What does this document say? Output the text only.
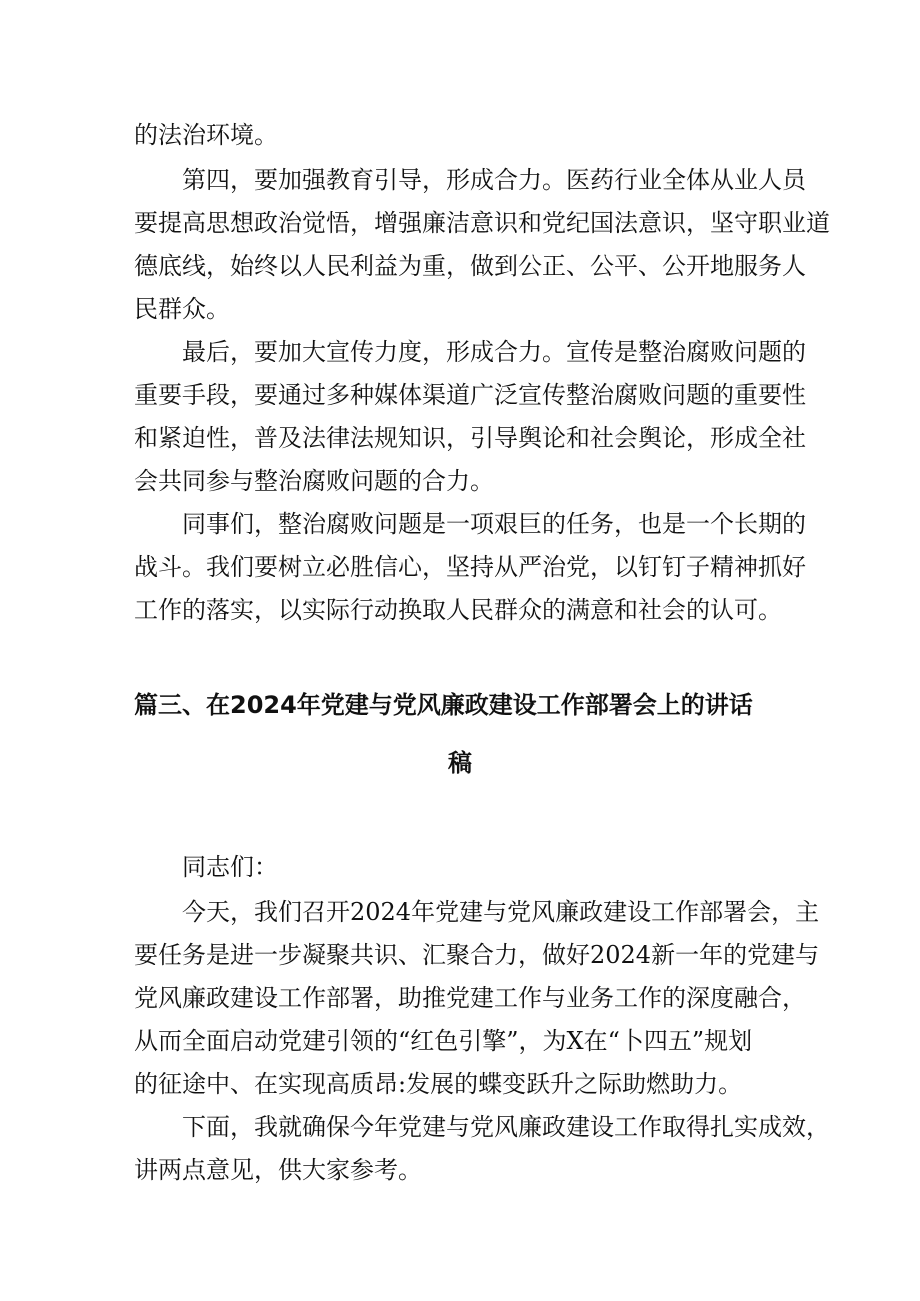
的法治环境。
第四，要加强教育引导，形成合力。医药行业全体从业人员
要提高思想政治觉悟，增强廉洁意识和党纪国法意识，坚守职业道
德底线，始终以人民利益为重，做到公正、公平、公开地服务人
民群众。
最后，要加大宣传力度，形成合力。宣传是整治腐败问题的
重要手段，要通过多种媒体渠道广泛宣传整治腐败问题的重要性
和紧迫性，普及法律法规知识，引导舆论和社会舆论，形成全社
会共同参与整治腐败问题的合力。
同事们，整治腐败问题是一项艰巨的任务，也是一个长期的
战斗。我们要树立必胜信心，坚持从严治党，以钉钉子精神抓好
工作的落实，以实际行动换取人民群众的满意和社会的认可。
篇三、在2024年党建与党风廉政建设工作部署会上的讲话
稿
同志们：
今天，我们召开2024年党建与党风廉政建设工作部署会，主
要任务是进一步凝聚共识、汇聚合力，做好2024新一年的党建与
党风廉政建设工作部署，助推党建工作与业务工作的深度融合，
从而全面启动党建引领的“红色引擎”，为X在“卜四五”规划
的征途中、在实现高质昂:发展的蝶变跃升之际助燃助力。
下面，我就确保今年党建与党风廉政建设工作取得扎实成效，
讲两点意见，供大家参考。
